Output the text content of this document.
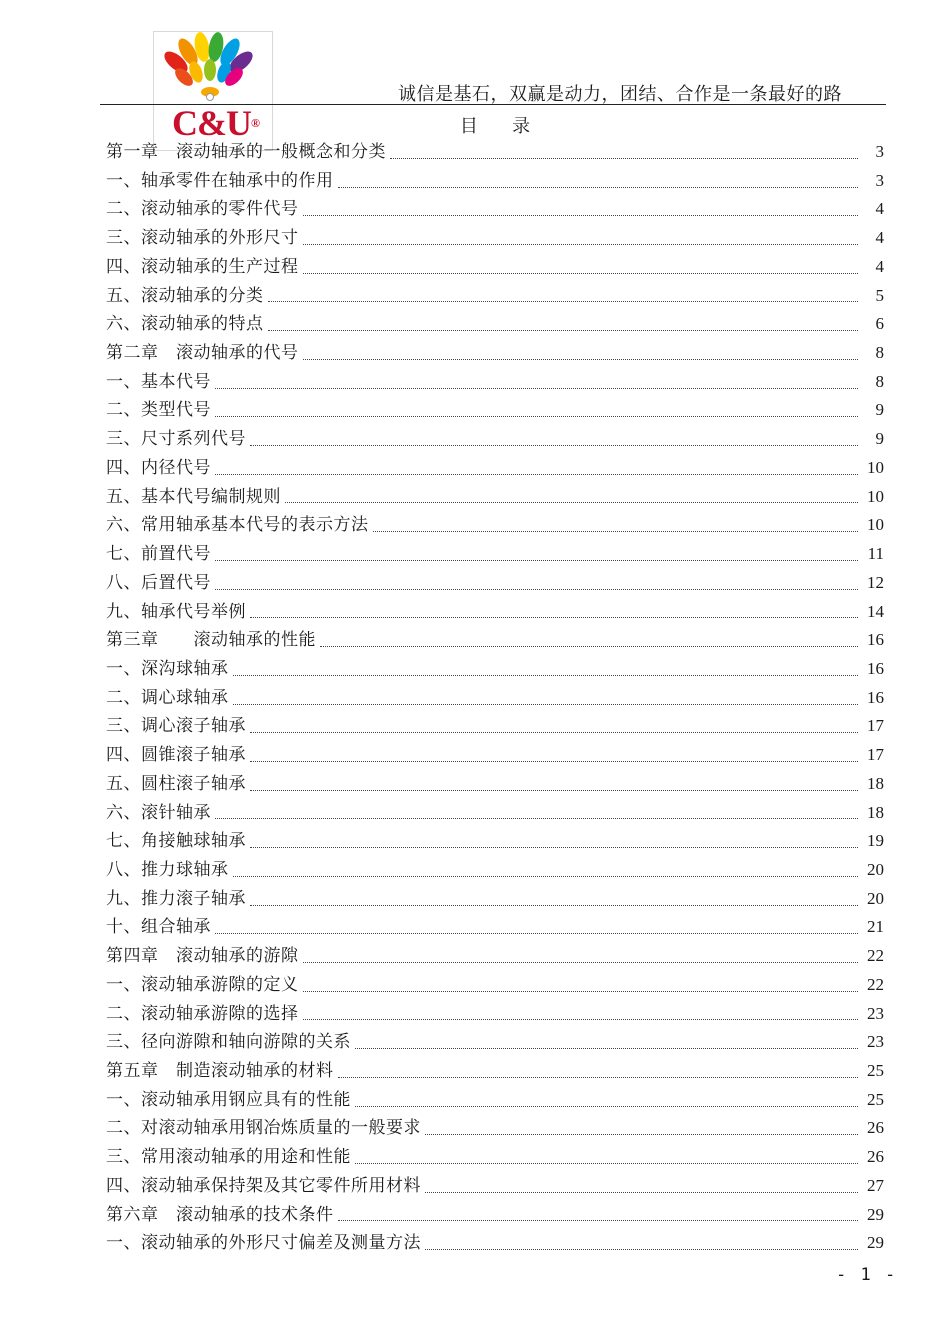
C&U®
诚信是基石，双赢是动力，团结、合作是一条最好的路
目      录
第一章　滚动轴承的一般概念和分类	3
一、轴承零件在轴承中的作用	3
二、滚动轴承的零件代号	4
三、滚动轴承的外形尺寸	4
四、滚动轴承的生产过程	4
五、滚动轴承的分类	5
六、滚动轴承的特点	6
第二章　滚动轴承的代号	8
一、基本代号	8
二、类型代号	9
三、尺寸系列代号	9
四、内径代号	10
五、基本代号编制规则	10
六、常用轴承基本代号的表示方法	10
七、前置代号	11
八、后置代号	12
九、轴承代号举例	14
第三章　　滚动轴承的性能	16
一、深沟球轴承	16
二、调心球轴承	16
三、调心滚子轴承	17
四、圆锥滚子轴承	17
五、圆柱滚子轴承	18
六、滚针轴承	18
七、角接触球轴承	19
八、推力球轴承	20
九、推力滚子轴承	20
十、组合轴承	21
第四章　滚动轴承的游隙	22
一、滚动轴承游隙的定义	22
二、滚动轴承游隙的选择	23
三、径向游隙和轴向游隙的关系	23
第五章　制造滚动轴承的材料	25
一、滚动轴承用钢应具有的性能	25
二、对滚动轴承用钢冶炼质量的一般要求	26
三、常用滚动轴承的用途和性能	26
四、滚动轴承保持架及其它零件所用材料	27
第六章　滚动轴承的技术条件	29
一、滚动轴承的外形尺寸偏差及测量方法	29
- 1 -
